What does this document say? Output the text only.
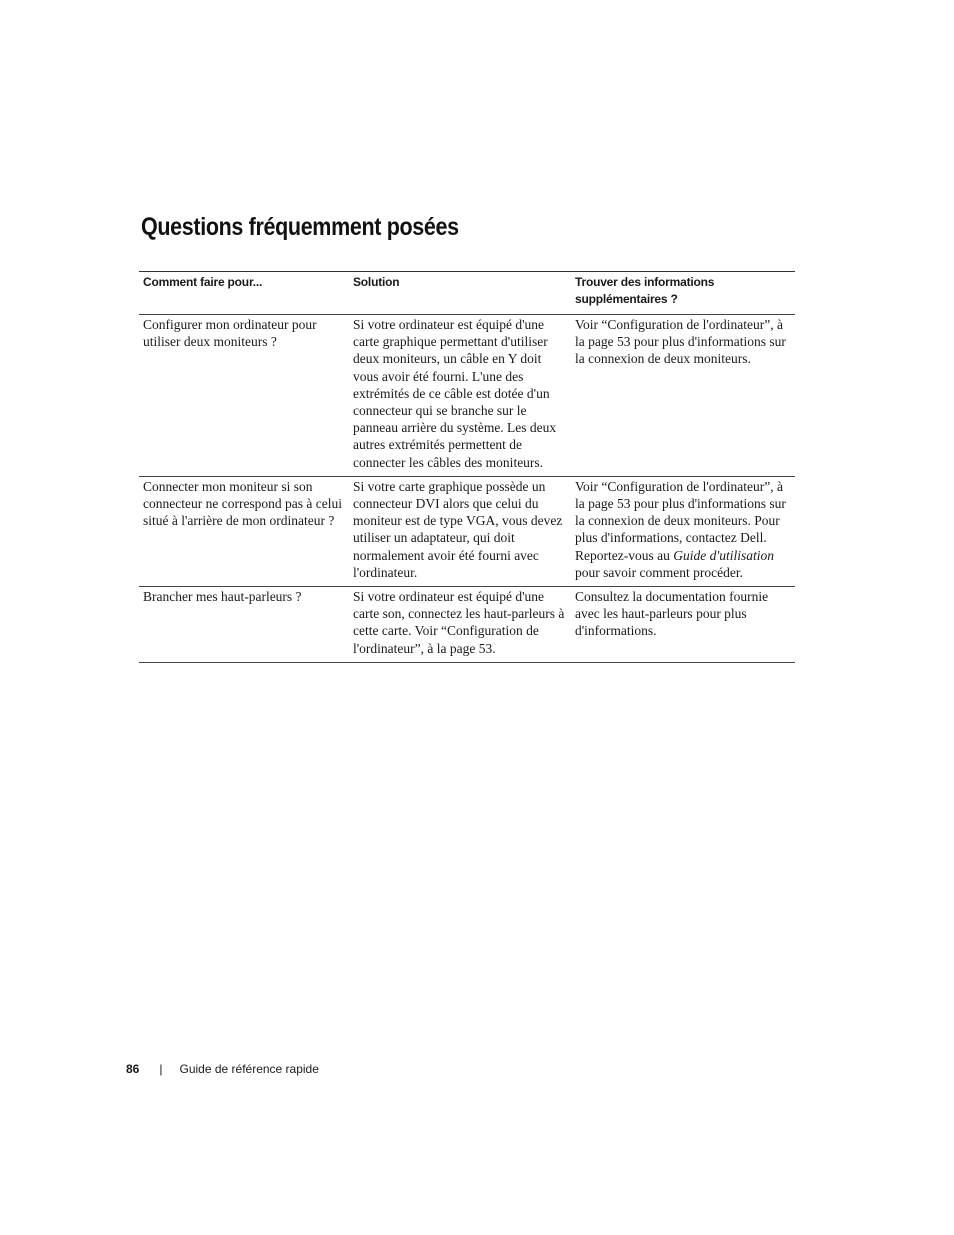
Questions fréquemment posées
Comment faire pour...	Solution	Trouver des informations supplémentaires ?
Configurer mon ordinateur pour utiliser deux moniteurs ?	Si votre ordinateur est équipé d'une carte graphique permettant d'utiliser deux moniteurs, un câble en Y doit vous avoir été fourni. L'une des extrémités de ce câble est dotée d'un connecteur qui se branche sur le panneau arrière du système. Les deux autres extrémités permettent de connecter les câbles des moniteurs.	Voir “Configuration de l'ordinateur”, à la page 53 pour plus d'informations sur la connexion de deux moniteurs.
Connecter mon moniteur si son connecteur ne correspond pas à celui situé à l'arrière de mon ordinateur ?	Si votre carte graphique possède un connecteur DVI alors que celui du moniteur est de type VGA, vous devez utiliser un adaptateur, qui doit normalement avoir été fourni avec l'ordinateur.	Voir “Configuration de l'ordinateur”, à la page 53 pour plus d'informations sur la connexion de deux moniteurs. Pour plus d'informations, contactez Dell. Reportez-vous au Guide d'utilisation pour savoir comment procéder.
Brancher mes haut-parleurs ?	Si votre ordinateur est équipé d'une carte son, connectez les haut-parleurs à cette carte. Voir “Configuration de l'ordinateur”, à la page 53.	Consultez la documentation fournie avec les haut-parleurs pour plus d'informations.
86 | Guide de référence rapide
